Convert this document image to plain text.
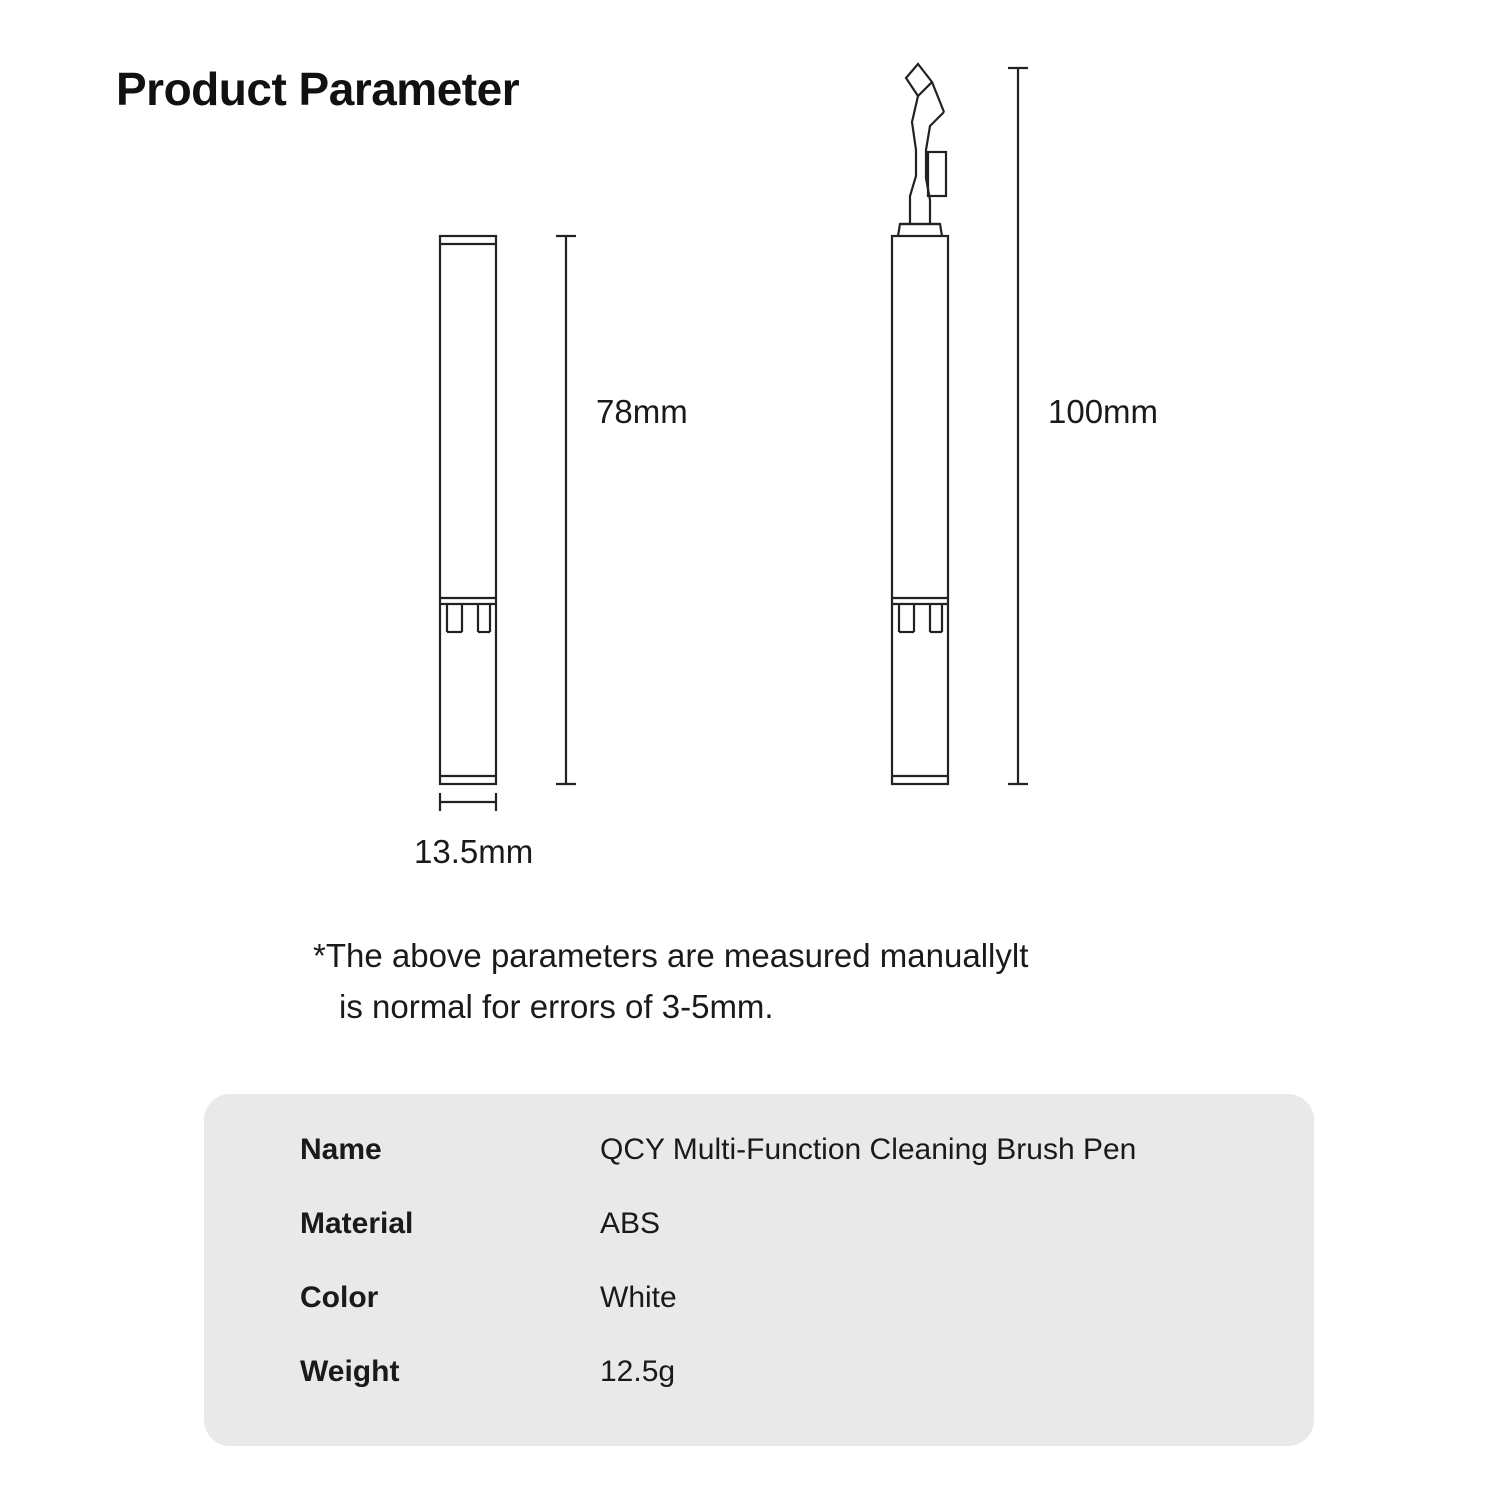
Product Parameter
78mm	100mm
13.5mm
*The above parameters are measured manuallylt
is normal for errors of 3-5mm.
Name	QCY Multi-Function Cleaning Brush Pen
Material	ABS
Color	White
Weight	12.5g
